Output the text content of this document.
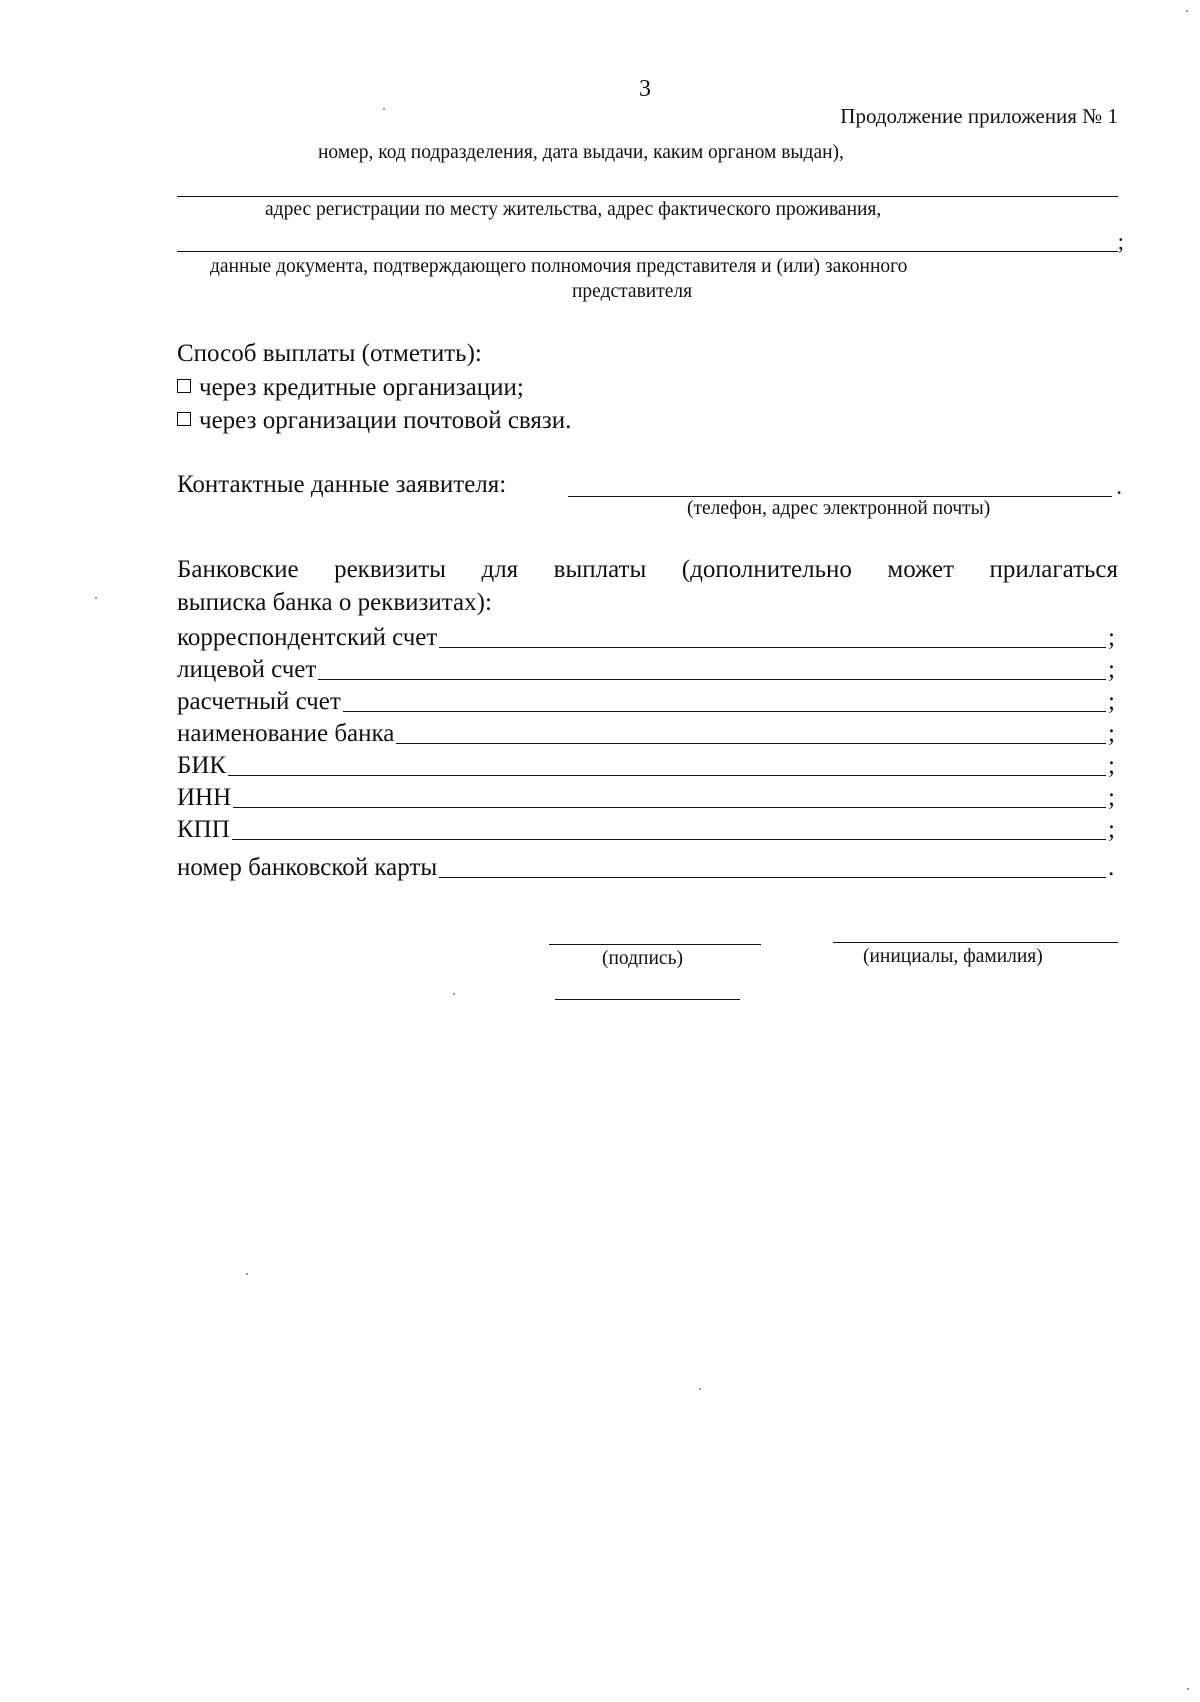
3
Продолжение приложения № 1
номер, код подразделения, дата выдачи, каким органом выдан),
адрес регистрации по месту жительства, адрес фактического проживания,
;
данные документа, подтверждающего полномочия представителя и (или) законного
представителя
Способ выплаты (отметить):
через кредитные организации;
через организации почтовой связи.
Контактные данные заявителя:	.
(телефон, адрес электронной почты)
Банковские реквизиты для выплаты (дополнительно может прилагаться
выписка банка о реквизитах):
корреспондентский счет	;
лицевой счет	;
расчетный счет	;
наименование банка	;
БИК	;
ИНН	;
КПП	;
номер банковской карты	.
(подпись)	(инициалы, фамилия)
